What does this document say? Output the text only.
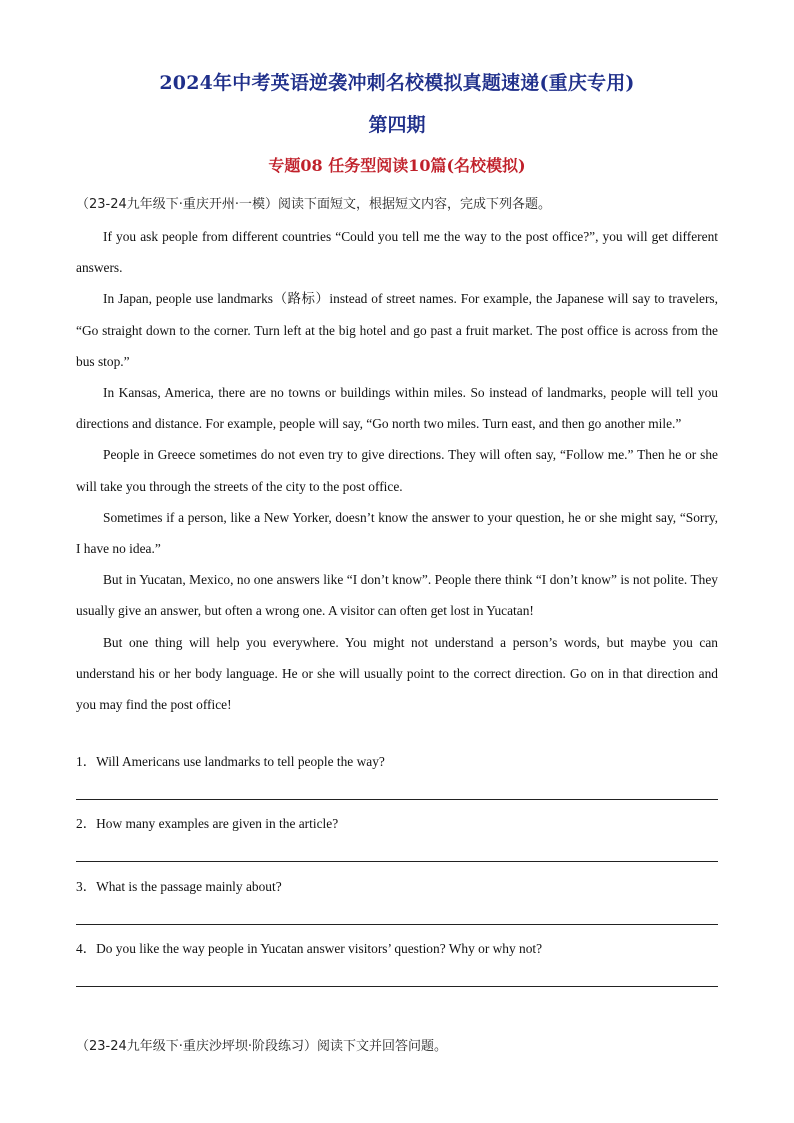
2024年中考英语逆袭冲刺名校模拟真题速递(重庆专用)
第四期
专题08 任务型阅读10篇(名校模拟)
（23-24九年级下·重庆开州·一模）阅读下面短文，根据短文内容，完成下列各题。

If you ask people from different countries “Could you tell me the way to the post office?”, you will get different answers.

In Japan, people use landmarks（路标）instead of street names. For example, the Japanese will say to travelers, “Go straight down to the corner. Turn left at the big hotel and go past a fruit market. The post office is across from the bus stop.”

In Kansas, America, there are no towns or buildings within miles. So instead of landmarks, people will tell you directions and distance. For example, people will say, “Go north two miles. Turn east, and then go another mile.”

People in Greece sometimes do not even try to give directions. They will often say, “Follow me.” Then he or she will take you through the streets of the city to the post office.

Sometimes if a person, like a New Yorker, doesn’t know the answer to your question, he or she might say, “Sorry, I have no idea.”

But in Yucatan, Mexico, no one answers like “I don’t know”. People there think “I don’t know” is not polite. They usually give an answer, but often a wrong one. A visitor can often get lost in Yucatan!

But one thing will help you everywhere. You might not understand a person’s words, but maybe you can understand his or her body language. He or she will usually point to the correct direction. Go on in that direction and you may find the post office!

1．Will Americans use landmarks to tell people the way?
2．How many examples are given in the article?
3．What is the passage mainly about?
4．Do you like the way people in Yucatan answer visitors’ question? Why or why not?
（23-24九年级下·重庆沙坪坝·阶段练习）阅读下文并回答问题。
